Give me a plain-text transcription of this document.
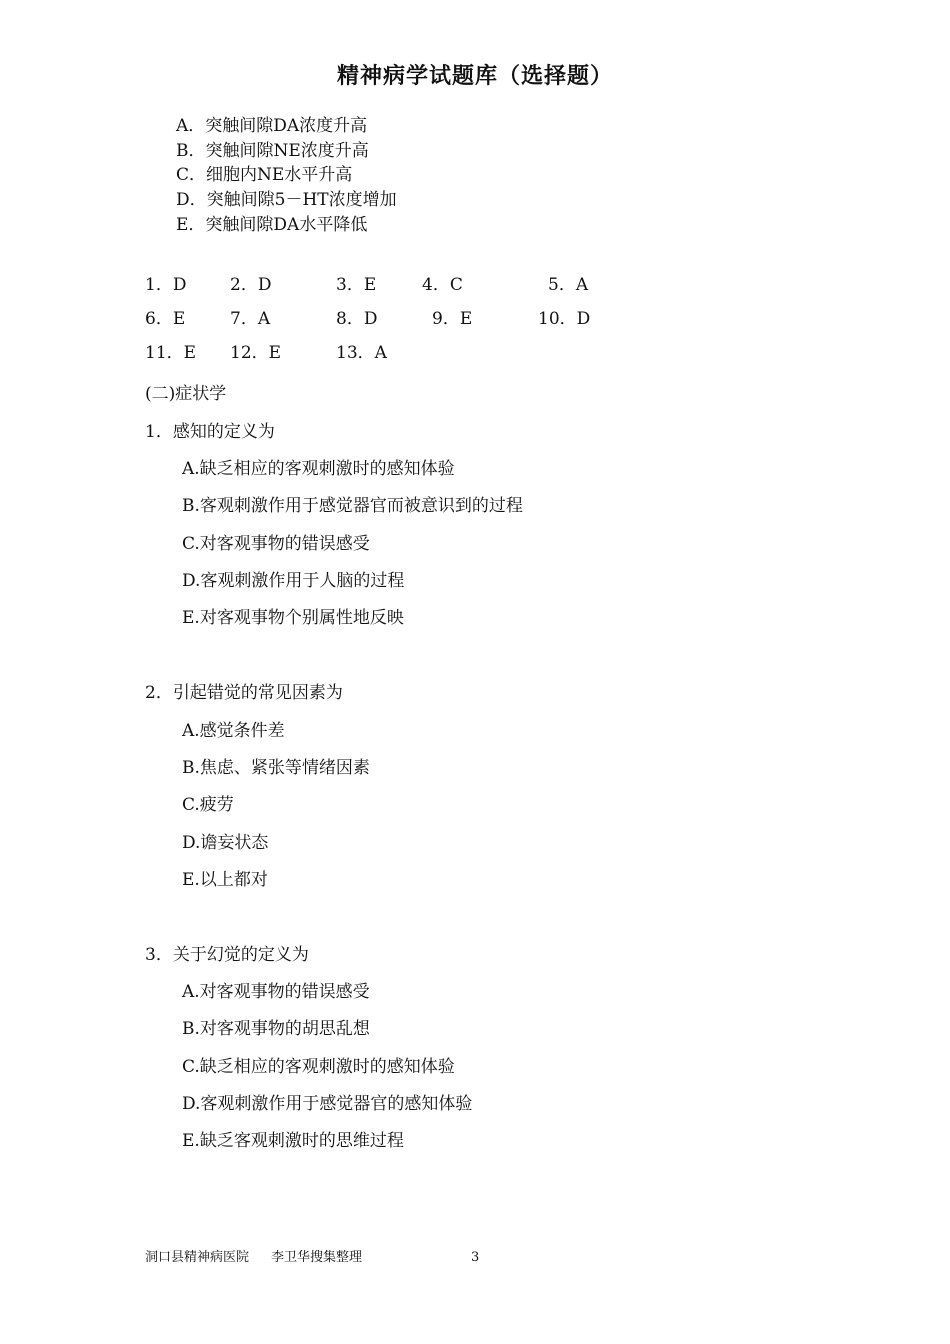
精神病学试题库（选择题）
A．突触间隙DA浓度升高
B．突触间隙NE浓度升高
C．细胞内NE水平升高
D．突触间隙5－HT浓度增加
E．突触间隙DA水平降低
1．D	2．D	3．E	4．C	5．A
6．E	7．A	8．D	9．E	10．D
11．E 12．E	13．A
(二)症状学
1．感知的定义为
A.缺乏相应的客观刺激时的感知体验
B.客观刺激作用于感觉器官而被意识到的过程
C.对客观事物的错误感受
D.客观刺激作用于人脑的过程
E.对客观事物个别属性地反映
2．引起错觉的常见因素为
A.感觉条件差
B.焦虑、紧张等情绪因素
C.疲劳
D.谵妄状态
E.以上都对
3．关于幻觉的定义为
A.对客观事物的错误感受
B.对客观事物的胡思乱想
C.缺乏相应的客观刺激时的感知体验
D.客观刺激作用于感觉器官的感知体验
E.缺乏客观刺激时的思维过程
洞口县精神病医院 李卫华搜集整理	3
